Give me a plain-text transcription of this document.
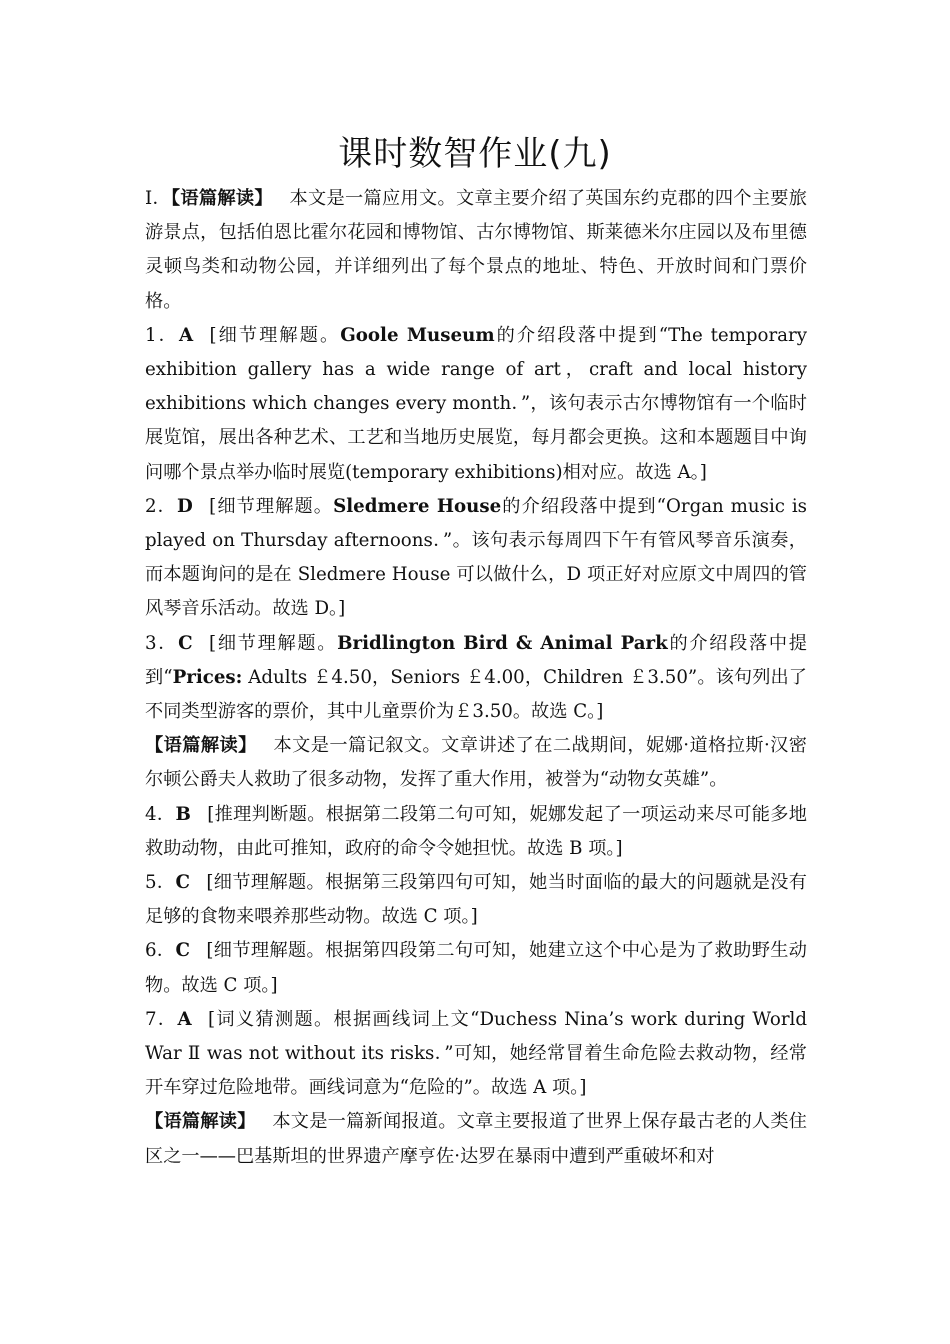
课时数智作业(九)

Ⅰ．【语篇解读】 本文是一篇应用文。文章主要介绍了英国东约克郡的四个主要旅游景点，包括伯恩比霍尔花园和博物馆、古尔博物馆、斯莱德米尔庄园以及布里德灵顿鸟类和动物公园，并详细列出了每个景点的地址、特色、开放时间和门票价格。

1．A [细节理解题。Goole Museum的介绍段落中提到“The temporary exhibition gallery has a wide range of art，craft and local history exhibitions which changes every month．”，该句表示古尔博物馆有一个临时展览馆，展出各种艺术、工艺和当地历史展览，每月都会更换。这和本题题目中询问哪个景点举办临时展览(temporary exhibitions)相对应。故选 A。]

2．D [细节理解题。Sledmere House的介绍段落中提到“Organ music is played on Thursday afternoons．”。该句表示每周四下午有管风琴音乐演奏，而本题询问的是在 Sledmere House 可以做什么，D 项正好对应原文中周四的管风琴音乐活动。故选 D。]

3．C [细节理解题。Bridlington Bird & Animal Park的介绍段落中提到“Prices: Adults ￡4.50，Seniors ￡4.00，Children ￡3.50”。该句列出了不同类型游客的票价，其中儿童票价为￡3.50。故选 C。]

【语篇解读】 本文是一篇记叙文。文章讲述了在二战期间，妮娜·道格拉斯·汉密尔顿公爵夫人救助了很多动物，发挥了重大作用，被誉为“动物女英雄”。

4．B [推理判断题。根据第二段第二句可知，妮娜发起了一项运动来尽可能多地救助动物，由此可推知，政府的命令令她担忧。故选 B 项。]

5．C [细节理解题。根据第三段第四句可知，她当时面临的最大的问题就是没有足够的食物来喂养那些动物。故选 C 项。]

6．C [细节理解题。根据第四段第二句可知，她建立这个中心是为了救助野生动物。故选 C 项。]

7．A [词义猜测题。根据画线词上文“Duchess Nina’s work during World War Ⅱ was not without its risks．”可知，她经常冒着生命危险去救动物，经常开车穿过危险地带。画线词意为“危险的”。故选 A 项。]

【语篇解读】 本文是一篇新闻报道。文章主要报道了世界上保存最古老的人类住区之一——巴基斯坦的世界遗产摩亨佐·达罗在暴雨中遭到严重破坏和对
